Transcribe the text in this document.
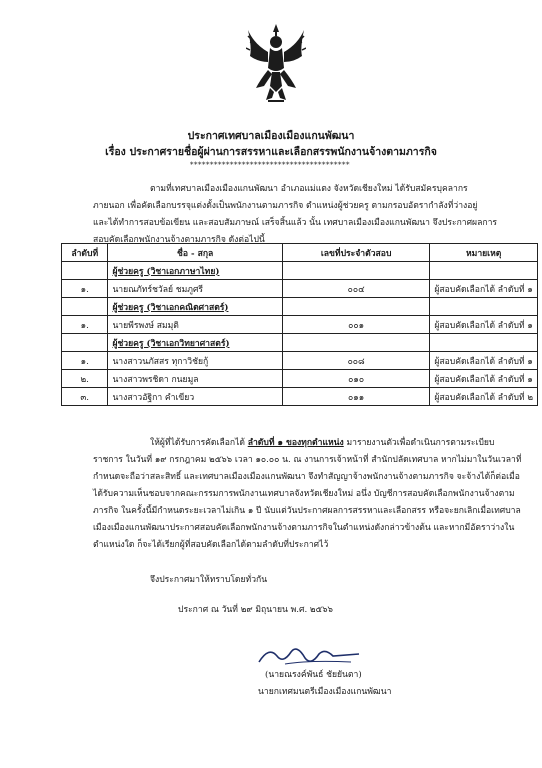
ประกาศเทศบาลเมืองเมืองแกนพัฒนา
เรื่อง ประกาศรายชื่อผู้ผ่านการสรรหาและเลือกสรรพนักงานจ้างตามภารกิจ
****************************************
ตามที่เทศบาลเมืองเมืองแกนพัฒนา อำเภอแม่แตง จังหวัดเชียงใหม่ ได้รับสมัครบุคลากร
ภายนอก เพื่อคัดเลือกบรรจุแต่งตั้งเป็นพนักงานตามภารกิจ ตำแหน่งผู้ช่วยครู ตามกรอบอัตรากำลังที่ว่างอยู่
และได้ทำการสอบข้อเขียน และสอบสัมภาษณ์ เสร็จสิ้นแล้ว นั้น เทศบาลเมืองเมืองแกนพัฒนา จึงประกาศผลการ
สอบคัดเลือกพนักงานจ้างตามภารกิจ ดังต่อไปนี้
ลำดับที่	ชื่อ - สกุล	เลขที่ประจำตัวสอบ	หมายเหตุ
	ผู้ช่วยครู (วิชาเอกภาษาไทย)		
๑.	นายณภัทร์ชวัลย์ ชมภูศรี	๐๐๔	ผู้สอบคัดเลือกได้ ลำดับที่ ๑
	ผู้ช่วยครู (วิชาเอกคณิตศาสตร์)		
๑.	นายพีรพงษ์ สมมุติ	๐๐๑	ผู้สอบคัดเลือกได้ ลำดับที่ ๑
	ผู้ช่วยครู (วิชาเอกวิทยาศาสตร์)		
๑.	นางสาวนภัสสร ทุกาวิชัยกู้	๐๐๘	ผู้สอบคัดเลือกได้ ลำดับที่ ๑
๒.	นางสาวพรชิดา กนยมูล	๐๑๐	ผู้สอบคัดเลือกได้ ลำดับที่ ๑
๓.	นางสาวอัฐิกา คำเขียว	๐๑๑	ผู้สอบคัดเลือกได้ ลำดับที่ ๒
ให้ผู้ที่ได้รับการคัดเลือกได้ ลำดับที่ ๑ ของทุกตำแหน่ง มารายงานตัวเพื่อดำเนินการตามระเบียบ
ราชการ ในวันที่ ๑๙ กรกฎาคม ๒๕๖๖ เวลา ๑๐.๐๐ น. ณ งานการเจ้าหน้าที่ สำนักปลัดเทศบาล หากไม่มาในวันเวลาที่
กำหนดจะถือว่าสละสิทธิ์ และเทศบาลเมืองเมืองแกนพัฒนา จึงทำสัญญาจ้างพนักงานจ้างตามภารกิจ จะจ้างได้ก็ต่อเมื่อ
ได้รับความเห็นชอบจากคณะกรรมการพนักงานเทศบาลจังหวัดเชียงใหม่ อนึ่ง บัญชีการสอบคัดเลือกพนักงานจ้างตาม
ภารกิจ ในครั้งนี้มีกำหนดระยะเวลาไม่เกิน ๑ ปี นับแต่วันประกาศผลการสรรหาและเลือกสรร หรือจะยกเลิกเมื่อเทศบาล
เมืองเมืองแกนพัฒนาประกาศสอบคัดเลือกพนักงานจ้างตามภารกิจในตำแหน่งดังกล่าวข้างต้น และหากมีอัตราว่างใน
ตำแหน่งใด ก็จะได้เรียกผู้ที่สอบคัดเลือกได้ตามลำดับที่ประกาศไว้
จึงประกาศมาให้ทราบโดยทั่วกัน
ประกาศ ณ วันที่ ๒๙ มิถุนายน พ.ศ. ๒๕๖๖
(นายณรงค์พันธ์ ชัยยันตา)
นายกเทศมนตรีเมืองเมืองแกนพัฒนา
